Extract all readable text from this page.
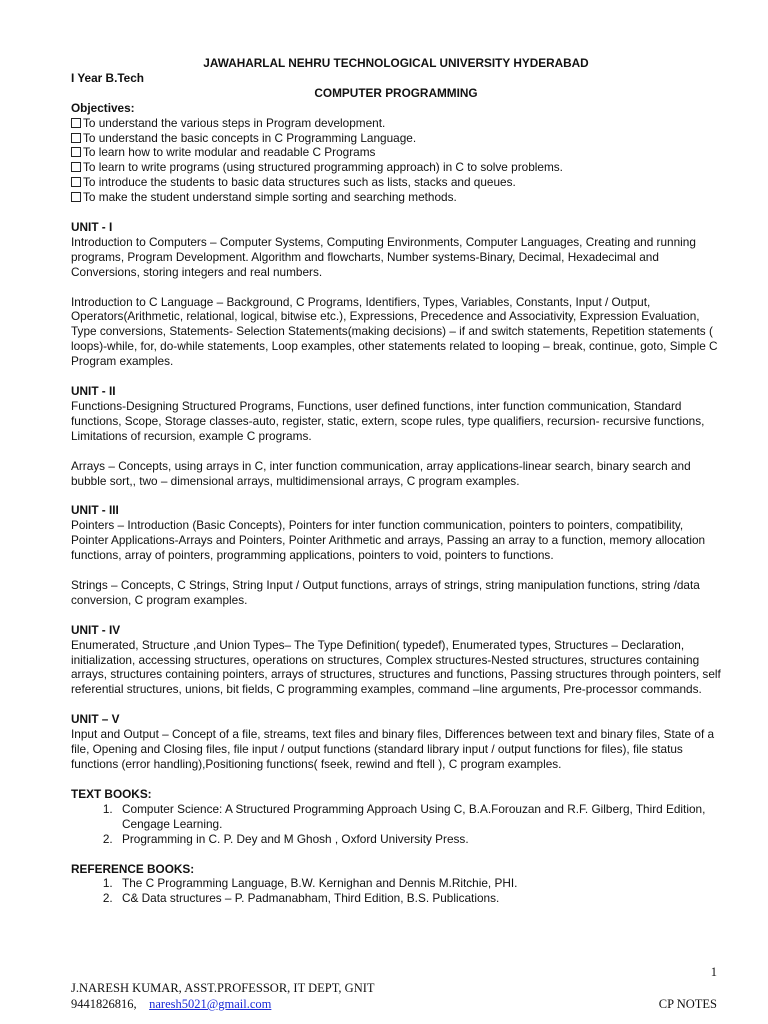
JAWAHARLAL NEHRU TECHNOLOGICAL UNIVERSITY HYDERABAD

I Year B.Tech

COMPUTER PROGRAMMING

Objectives:

To understand the various steps in Program development.
To understand the basic concepts in C Programming Language.
To learn how to write modular and readable C Programs
To learn to write programs (using structured programming approach) in C to solve problems.
To introduce the students to basic data structures such as lists, stacks and queues.
To make the student understand simple sorting and searching methods.

UNIT - I

Introduction to Computers – Computer Systems, Computing Environments, Computer Languages, Creating and running programs, Program Development. Algorithm and flowcharts, Number systems-Binary, Decimal, Hexadecimal and Conversions, storing integers and real numbers.

Introduction to C Language – Background, C Programs, Identifiers, Types, Variables, Constants, Input / Output, Operators(Arithmetic, relational, logical, bitwise etc.), Expressions, Precedence and Associativity, Expression Evaluation, Type conversions, Statements- Selection Statements(making decisions) – if and switch statements, Repetition statements ( loops)-while, for, do-while statements, Loop examples, other statements related to looping – break, continue, goto, Simple C Program examples.

UNIT - II

Functions-Designing Structured Programs, Functions, user defined functions, inter function communication, Standard functions, Scope, Storage classes-auto, register, static, extern, scope rules, type qualifiers, recursion- recursive functions, Limitations of recursion, example C programs.

Arrays – Concepts, using arrays in C, inter function communication, array applications-linear search, binary search and bubble sort,, two – dimensional arrays, multidimensional arrays, C program examples.

UNIT - III

Pointers – Introduction (Basic Concepts), Pointers for inter function communication, pointers to pointers, compatibility,
Pointer Applications-Arrays and Pointers, Pointer Arithmetic and arrays, Passing an array to a function, memory allocation functions, array of pointers, programming applications, pointers to void, pointers to functions.

Strings – Concepts, C Strings, String Input / Output functions, arrays of strings, string manipulation functions, string /data conversion, C program examples.

UNIT - IV

Enumerated, Structure ,and Union Types– The Type Definition( typedef), Enumerated types, Structures – Declaration, initialization, accessing structures, operations on structures, Complex structures-Nested structures, structures containing arrays, structures containing pointers, arrays of structures, structures and functions, Passing structures through pointers, self referential structures, unions, bit fields, C programming examples, command –line arguments, Pre-processor commands.

UNIT – V

Input and Output – Concept of a file, streams, text files and binary files, Differences between text and binary files, State of a file, Opening and Closing files, file input / output functions (standard library input / output functions for files), file status functions (error handling),Positioning functions( fseek, rewind and ftell ), C program examples.

TEXT BOOKS:

1. Computer Science: A Structured Programming Approach Using C, B.A.Forouzan and R.F. Gilberg, Third Edition, Cengage Learning.
2. Programming in C. P. Dey and M Ghosh , Oxford University Press.

REFERENCE BOOKS:

1. The C Programming Language, B.W. Kernighan and Dennis M.Ritchie, PHI.
2. C& Data structures – P. Padmanabham, Third Edition, B.S. Publications.
1
J.NARESH KUMAR, ASST.PROFESSOR, IT DEPT, GNIT
9441826816, naresh5021@gmail.com	CP NOTES
